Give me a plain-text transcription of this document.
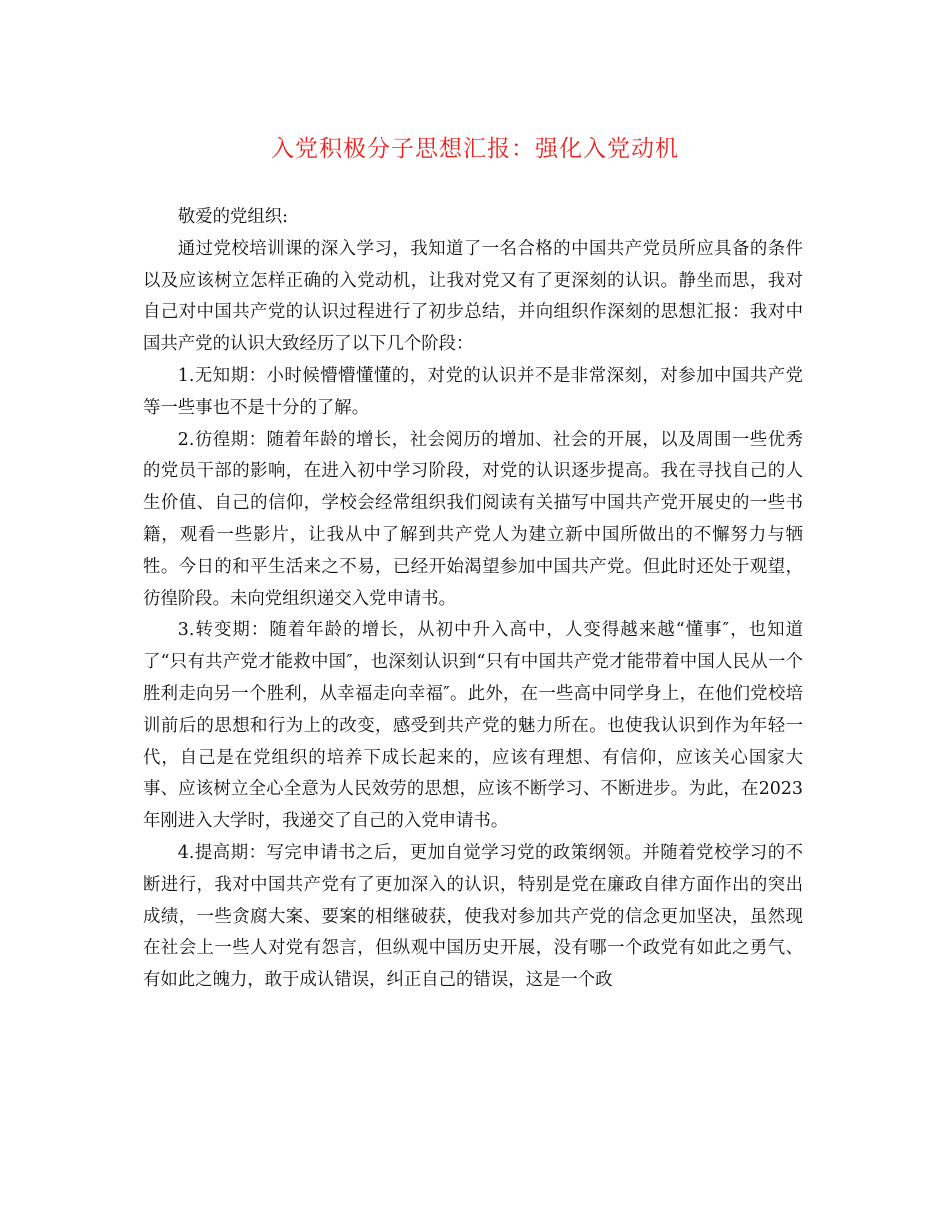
入党积极分子思想汇报：强化入党动机

敬爱的党组织:

通过党校培训课的深入学习，我知道了一名合格的中国共产党员所应具备的条件以及应该树立怎样正确的入党动机，让我对党又有了更深刻的认识。静坐而思，我对自己对中国共产党的认识过程进行了初步总结，并向组织作深刻的思想汇报：我对中国共产党的认识大致经历了以下几个阶段：

1.无知期：小时候懵懵懂懂的，对党的认识并不是非常深刻，对参加中国共产党等一些事也不是十分的了解。

2.彷徨期：随着年龄的增长，社会阅历的增加、社会的开展，以及周围一些优秀的党员干部的影响，在进入初中学习阶段，对党的认识逐步提高。我在寻找自己的人生价值、自己的信仰，学校会经常组织我们阅读有关描写中国共产党开展史的一些书籍，观看一些影片，让我从中了解到共产党人为建立新中国所做出的不懈努力与牺牲。今日的和平生活来之不易，已经开始渴望参加中国共产党。但此时还处于观望，彷徨阶段。未向党组织递交入党申请书。

3.转变期：随着年龄的增长，从初中升入高中，人变得越来越“懂事″，也知道了“只有共产党才能救中国″，也深刻认识到“只有中国共产党才能带着中国人民从一个胜利走向另一个胜利，从幸福走向幸福″。此外，在一些高中同学身上，在他们党校培训前后的思想和行为上的改变，感受到共产党的魅力所在。也使我认识到作为年轻一代，自己是在党组织的培养下成长起来的，应该有理想、有信仰，应该关心国家大事、应该树立全心全意为人民效劳的思想，应该不断学习、不断进步。为此，在2023年刚进入大学时，我递交了自己的入党申请书。

4.提高期：写完申请书之后，更加自觉学习党的政策纲领。并随着党校学习的不断进行，我对中国共产党有了更加深入的认识，特别是党在廉政自律方面作出的突出成绩，一些贪腐大案、要案的相继破获，使我对参加共产党的信念更加坚决，虽然现在社会上一些人对党有怨言，但纵观中国历史开展，没有哪一个政党有如此之勇气、有如此之魄力，敢于成认错误，纠正自己的错误，这是一个政
